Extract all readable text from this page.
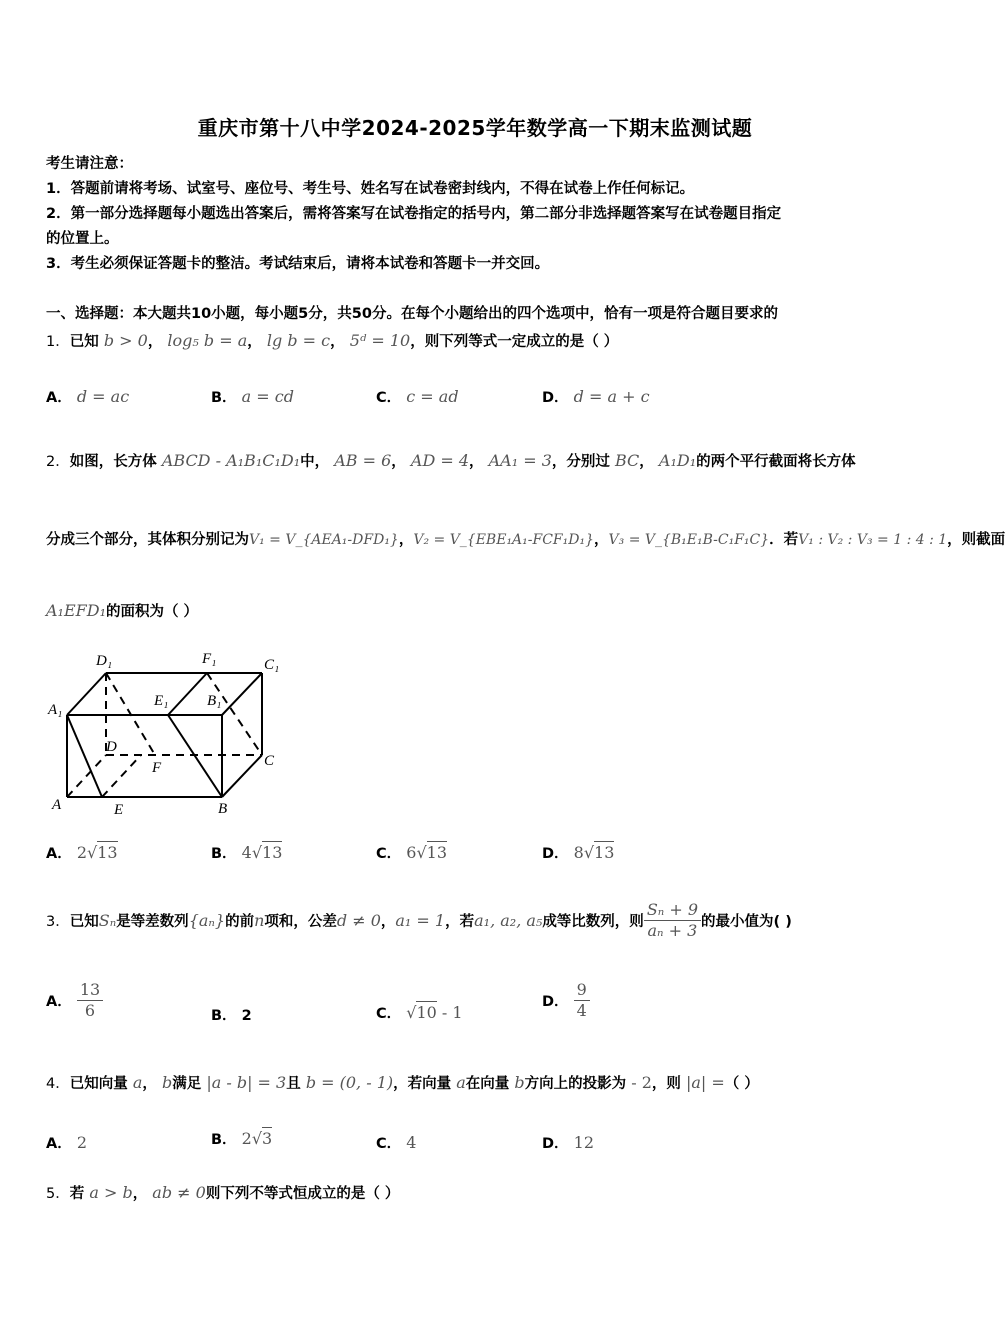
重庆市第十八中学2024-2025学年数学高一下期末监测试题
考生请注意：
1．答题前请将考场、试室号、座位号、考生号、姓名写在试卷密封线内，不得在试卷上作任何标记。
2．第一部分选择题每小题选出答案后，需将答案写在试卷指定的括号内，第二部分非选择题答案写在试卷题目指定
的位置上。
3．考生必须保证答题卡的整洁。考试结束后，请将本试卷和答题卡一并交回。
一、选择题：本大题共10小题，每小题5分，共50分。在每个小题给出的四个选项中，恰有一项是符合题目要求的
1．已知 b > 0， log₅ b = a， lg b = c， 5ᵈ = 10，则下列等式一定成立的是（ ）
A． d = ac	B． a = cd	C． c = ad	D． d = a + c
2．如图，长方体 ABCD - A₁B₁C₁D₁中， AB = 6， AD = 4， AA₁ = 3，分别过 BC， A₁D₁的两个平行截面将长方体
分成三个部分，其体积分别记为V₁ = V_{AEA₁-DFD₁}，V₂ = V_{EBE₁A₁-FCF₁D₁}，V₃ = V_{B₁E₁B-C₁F₁C}．若V₁ : V₂ : V₃ = 1 : 4 : 1，则截面
A₁EFD₁的面积为（ ）
D₁	F₁	C₁
A₁
E₁	B₁
D
F	C
A	E	B
A． 2√13	B． 4√13	C． 6√13	D． 8√13
3． 已知 Sₙ 是等差数列 {aₙ} 的前 n 项和，公差 d ≠ 0 ， a₁ = 1 ，若 a₁, a₂, a₅ 成等比数列，则 $\frac{\text{Sₙ + 9}}{\text{aₙ + 3}}$ 的最小值为( )
A．
$\frac{13}{6}$	B． 2	C． √10 - 1
D．
$\frac{9}{4}$
4．已知向量 a， b满足 |a - b| = 3且 b = (0, - 1)，若向量 a在向量 b方向上的投影为 - 2，则 |a| =（ ）
A． 2	B． 2√3	C． 4	D． 12
5．若 a > b， ab ≠ 0则下列不等式恒成立的是（ ）
